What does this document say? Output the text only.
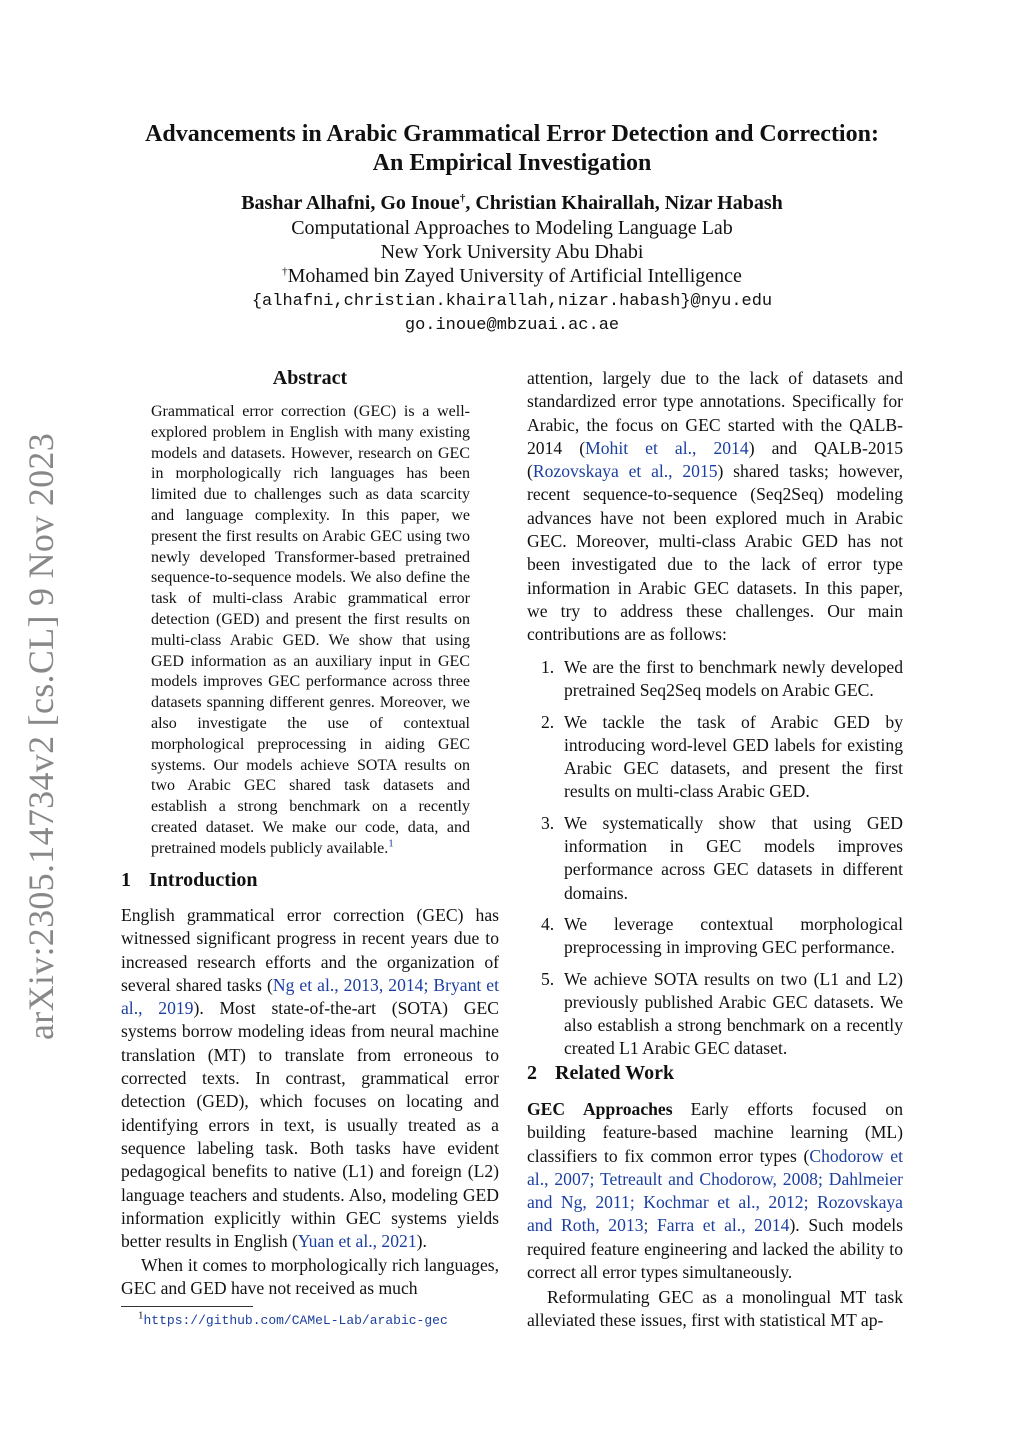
arXiv:2305.14734v2 [cs.CL] 9 Nov 2023
Advancements in Arabic Grammatical Error Detection and Correction:
An Empirical Investigation
Bashar Alhafni, Go Inoue†, Christian Khairallah, Nizar Habash
Computational Approaches to Modeling Language Lab
New York University Abu Dhabi
†Mohamed bin Zayed University of Artificial Intelligence
{alhafni,christian.khairallah,nizar.habash}@nyu.edu
go.inoue@mbzuai.ac.ae
Abstract
Grammatical error correction (GEC) is a well-explored problem in English with many existing models and datasets. However, research on GEC in morphologically rich languages has been limited due to challenges such as data scarcity and language complexity. In this paper, we present the first results on Arabic GEC using two newly developed Transformer-based pretrained sequence-to-sequence models. We also define the task of multi-class Arabic grammatical error detection (GED) and present the first results on multi-class Arabic GED. We show that using GED information as an auxiliary input in GEC models improves GEC performance across three datasets spanning different genres. Moreover, we also investigate the use of contextual morphological preprocessing in aiding GEC systems. Our models achieve SOTA results on two Arabic GEC shared task datasets and establish a strong benchmark on a recently created dataset. We make our code, data, and pretrained models publicly available.$^1$
1 Introduction
English grammatical error correction (GEC) has witnessed significant progress in recent years due to increased research efforts and the organization of several shared tasks (Ng et al., 2013, 2014; Bryant et al., 2019). Most state-of-the-art (SOTA) GEC systems borrow modeling ideas from neural machine translation (MT) to translate from erroneous to corrected texts. In contrast, grammatical error detection (GED), which focuses on locating and identifying errors in text, is usually treated as a sequence labeling task. Both tasks have evident pedagogical benefits to native (L1) and foreign (L2) language teachers and students. Also, modeling GED information explicitly within GEC systems yields better results in English (Yuan et al., 2021).
When it comes to morphologically rich languages, GEC and GED have not received as much
$^1$https://github.com/CAMeL-Lab/arabic-gec
attention, largely due to the lack of datasets and standardized error type annotations. Specifically for Arabic, the focus on GEC started with the QALB-2014 (Mohit et al., 2014) and QALB-2015 (Rozovskaya et al., 2015) shared tasks; however, recent sequence-to-sequence (Seq2Seq) modeling advances have not been explored much in Arabic GEC. Moreover, multi-class Arabic GED has not been investigated due to the lack of error type information in Arabic GEC datasets. In this paper, we try to address these challenges. Our main contributions are as follows:
1. We are the first to benchmark newly developed pretrained Seq2Seq models on Arabic GEC.
2. We tackle the task of Arabic GED by introducing word-level GED labels for existing Arabic GEC datasets, and present the first results on multi-class Arabic GED.
3. We systematically show that using GED information in GEC models improves performance across GEC datasets in different domains.
4. We leverage contextual morphological preprocessing in improving GEC performance.
5. We achieve SOTA results on two (L1 and L2) previously published Arabic GEC datasets. We also establish a strong benchmark on a recently created L1 Arabic GEC dataset.
2 Related Work
GEC Approaches Early efforts focused on building feature-based machine learning (ML) classifiers to fix common error types (Chodorow et al., 2007; Tetreault and Chodorow, 2008; Dahlmeier and Ng, 2011; Kochmar et al., 2012; Rozovskaya and Roth, 2013; Farra et al., 2014). Such models required feature engineering and lacked the ability to correct all error types simultaneously.
Reformulating GEC as a monolingual MT task alleviated these issues, first with statistical MT ap-
